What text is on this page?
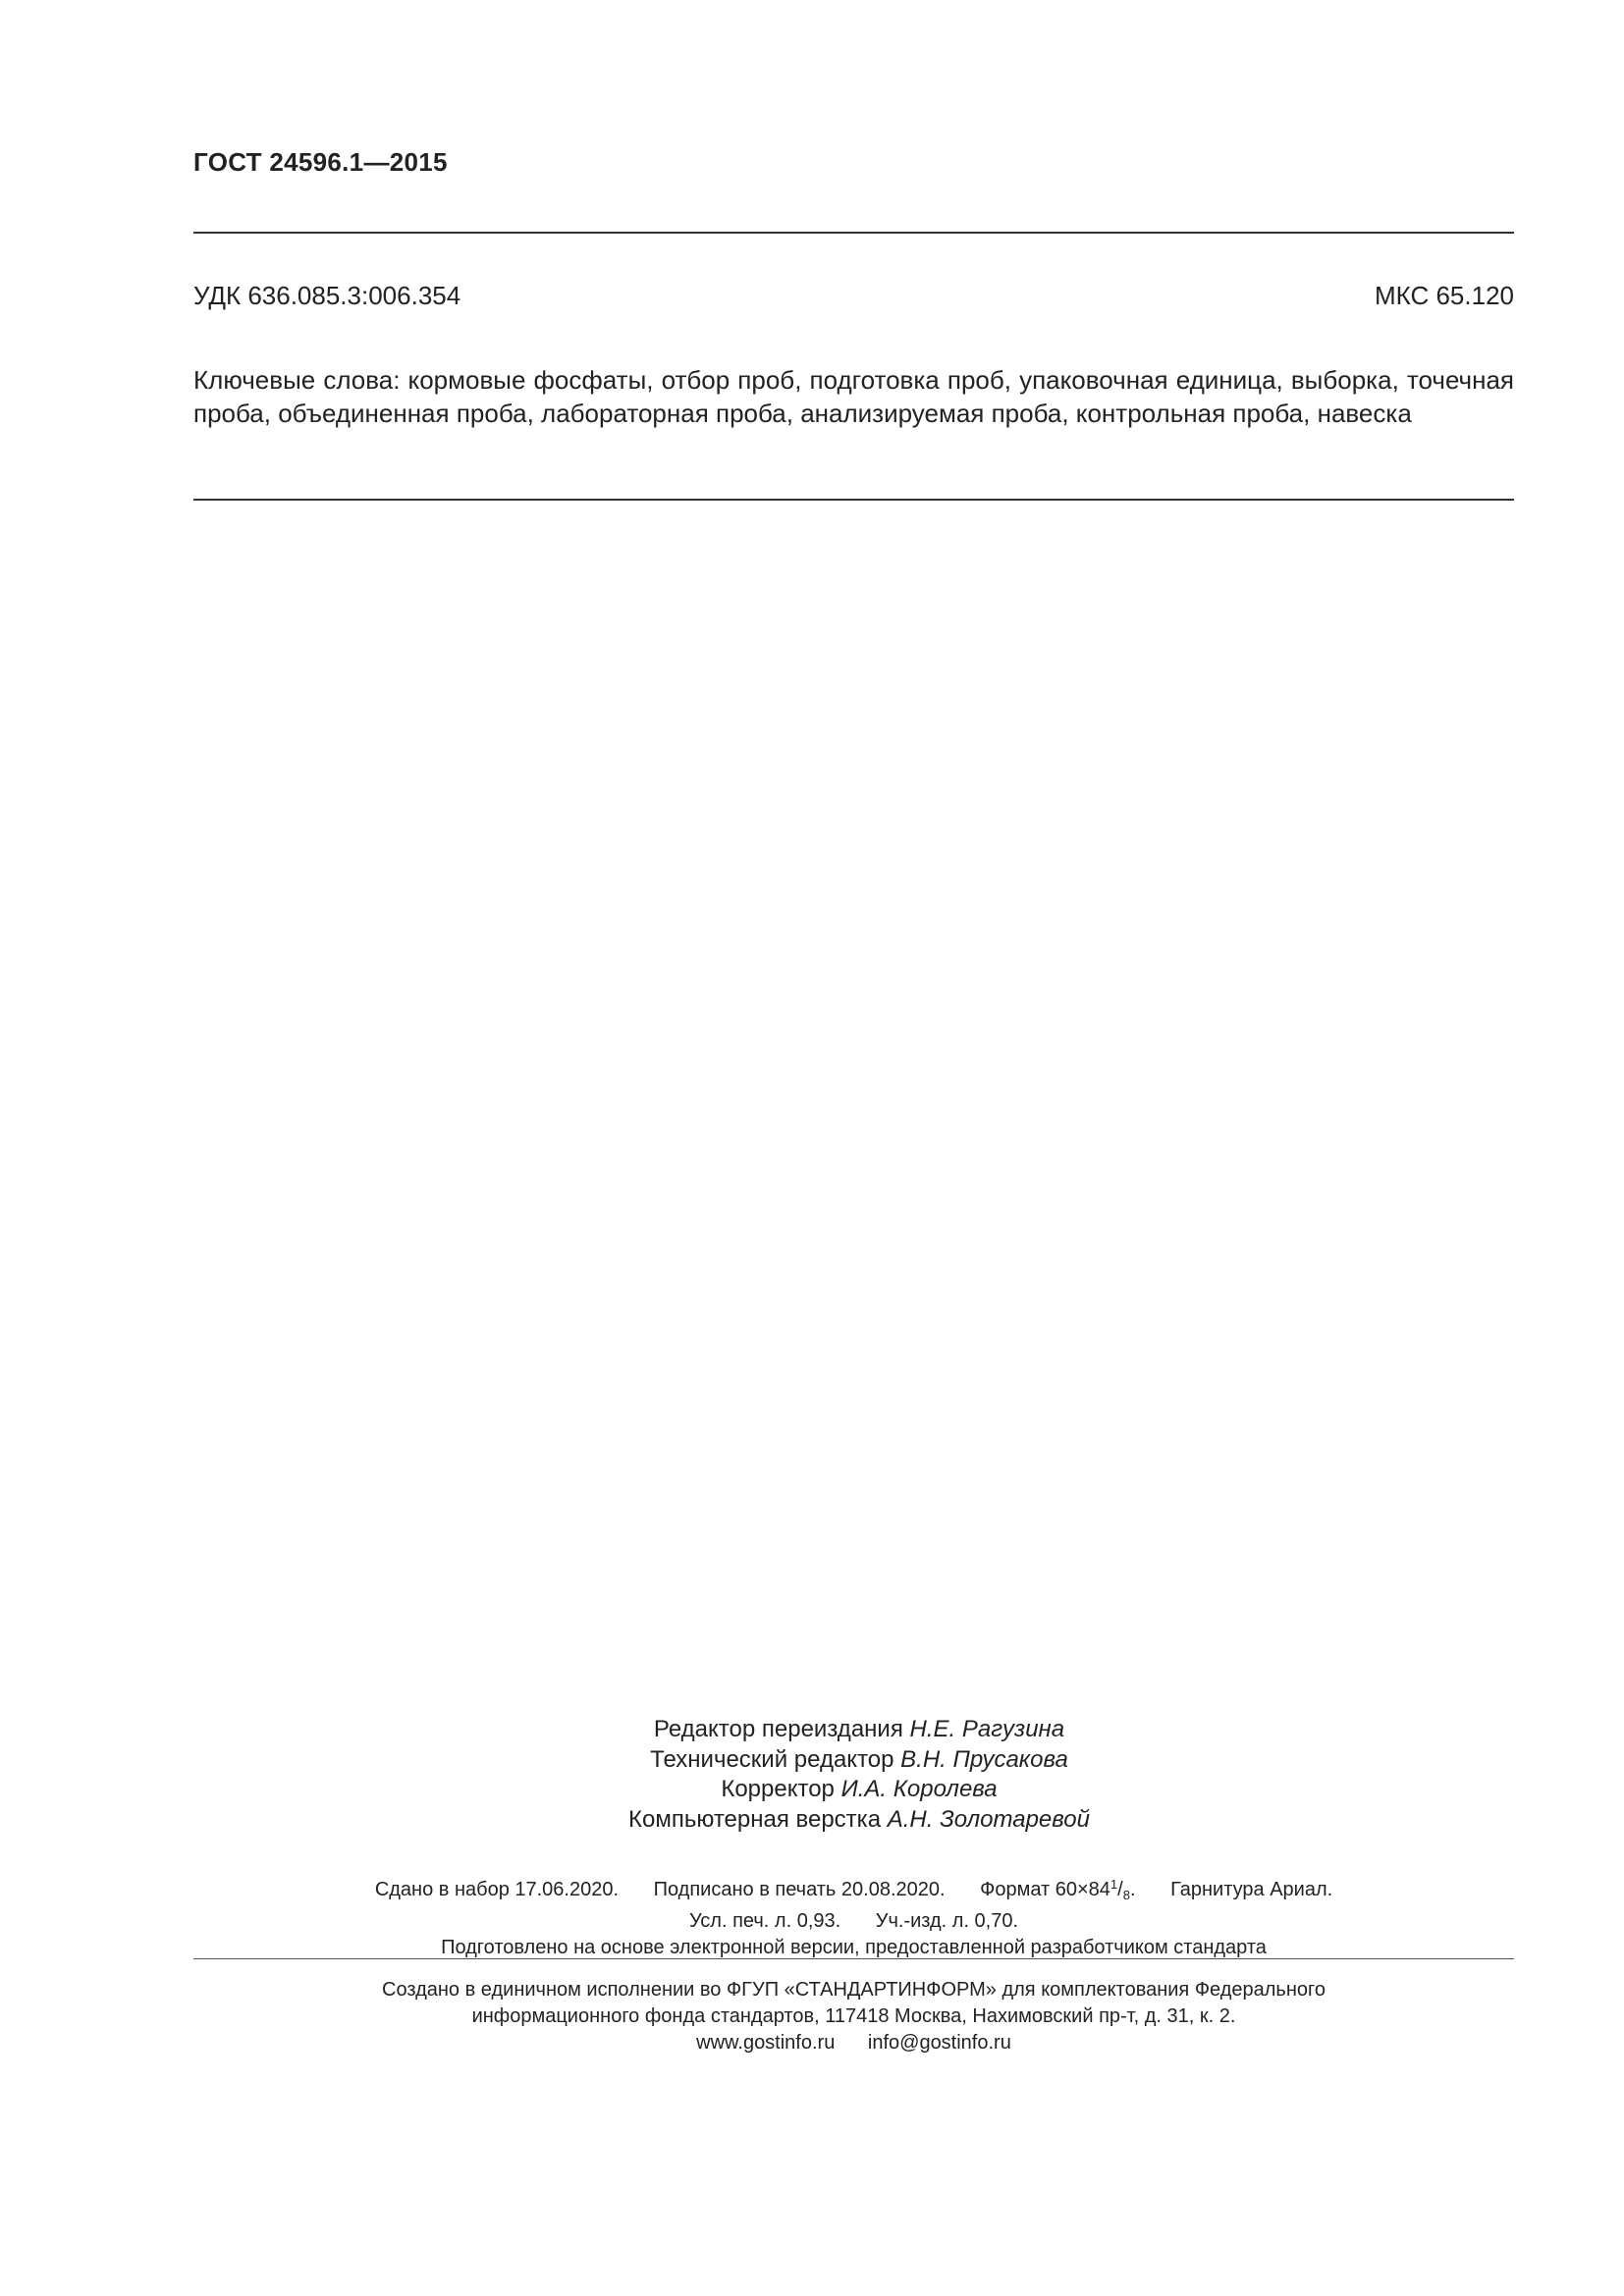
ГОСТ 24596.1—2015
УДК 636.085.3:006.354	МКС 65.120
Ключевые слова: кормовые фосфаты, отбор проб, подготовка проб, упаковочная единица, выборка, точечная проба, объединенная проба, лабораторная проба, анализируемая проба, контрольная проба, навеска
Редактор переиздания Н.Е. Рагузина
Технический редактор В.Н. Прусакова
Корректор И.А. Королева
Компьютерная верстка А.Н. Золотаревой
Сдано в набор 17.06.2020. Подписано в печать 20.08.2020. Формат $60\times 84^1/_8$. Гарнитура Ариал.
Усл. печ. л. 0,93. Уч.-изд. л. 0,70.
Подготовлено на основе электронной версии, предоставленной разработчиком стандарта
Создано в единичном исполнении во ФГУП «СТАНДАРТИНФОРМ» для комплектования Федерального
информационного фонда стандартов, 117418 Москва, Нахимовский пр-т, д. 31, к. 2.
www.gostinfo.ru info@gostinfo.ru
